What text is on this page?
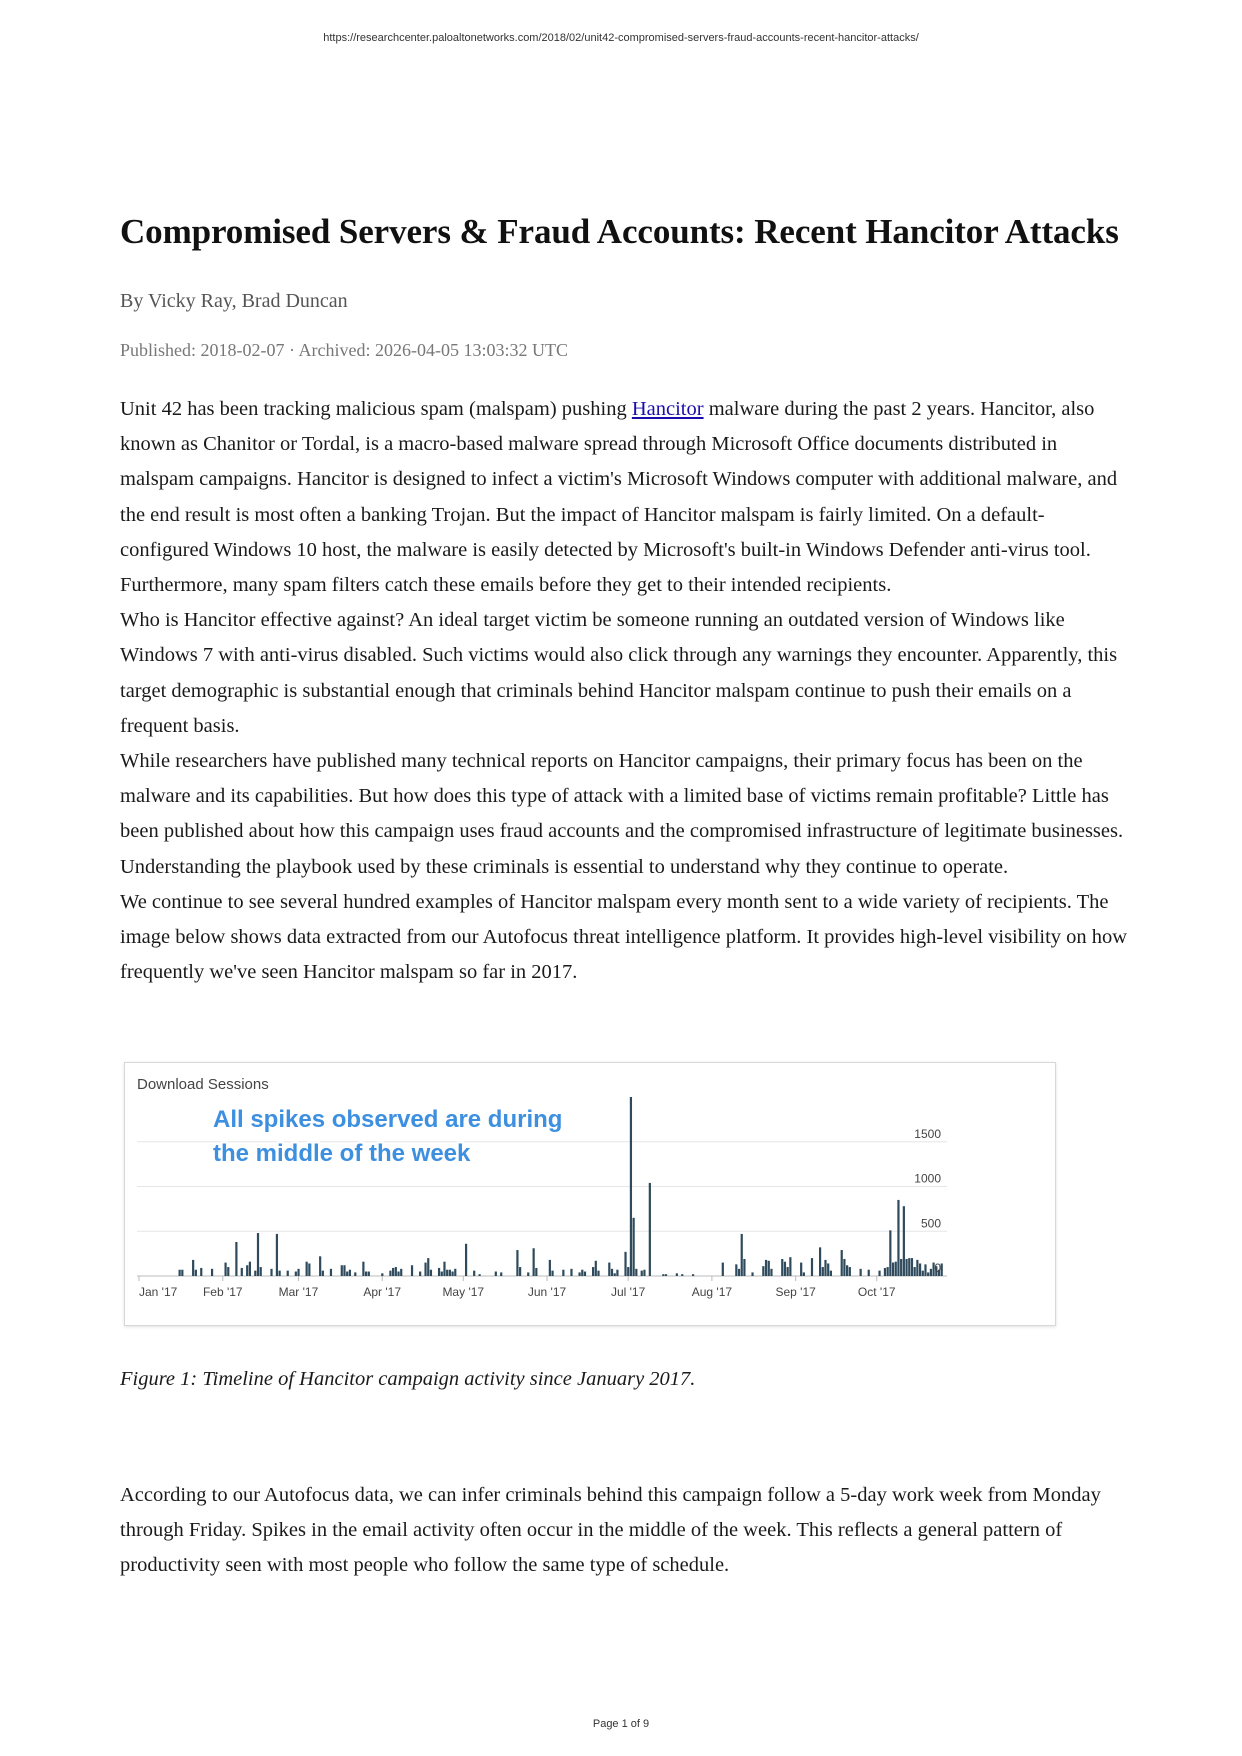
https://researchcenter.paloaltonetworks.com/2018/02/unit42-compromised-servers-fraud-accounts-recent-hancitor-attacks/
Compromised Servers & Fraud Accounts: Recent Hancitor Attacks
By Vicky Ray, Brad Duncan
Published: 2018-02-07 · Archived: 2026-04-05 13:03:32 UTC

Unit 42 has been tracking malicious spam (malspam) pushing Hancitor malware during the past 2 years. Hancitor, also known as Chanitor or Tordal, is a macro-based malware spread through Microsoft Office documents distributed in malspam campaigns. Hancitor is designed to infect a victim's Microsoft Windows computer with additional malware, and the end result is most often a banking Trojan. But the impact of Hancitor malspam is fairly limited. On a default-configured Windows 10 host, the malware is easily detected by Microsoft's built-in Windows Defender anti-virus tool. Furthermore, many spam filters catch these emails before they get to their intended recipients.

Who is Hancitor effective against? An ideal target victim be someone running an outdated version of Windows like Windows 7 with anti-virus disabled. Such victims would also click through any warnings they encounter. Apparently, this target demographic is substantial enough that criminals behind Hancitor malspam continue to push their emails on a frequent basis.

While researchers have published many technical reports on Hancitor campaigns, their primary focus has been on the malware and its capabilities. But how does this type of attack with a limited base of victims remain profitable? Little has been published about how this campaign uses fraud accounts and the compromised infrastructure of legitimate businesses. Understanding the playbook used by these criminals is essential to understand why they continue to operate.

We continue to see several hundred examples of Hancitor malspam every month sent to a wide variety of recipients. The image below shows data extracted from our Autofocus threat intelligence platform. It provides high-level visibility on how frequently we've seen Hancitor malspam so far in 2017.

Download Sessions
0
500
1000
1500
Jan '17 Feb '17	Mar '17	Apr '17	May '17	Jun '17	Jul '17	Aug '17	Sep '17	Oct '17
All spikes observed are during
the middle of the week
Figure 1: Timeline of Hancitor campaign activity since January 2017.

According to our Autofocus data, we can infer criminals behind this campaign follow a 5-day work week from Monday through Friday. Spikes in the email activity often occur in the middle of the week. This reflects a general pattern of productivity seen with most people who follow the same type of schedule.

Page 1 of 9
